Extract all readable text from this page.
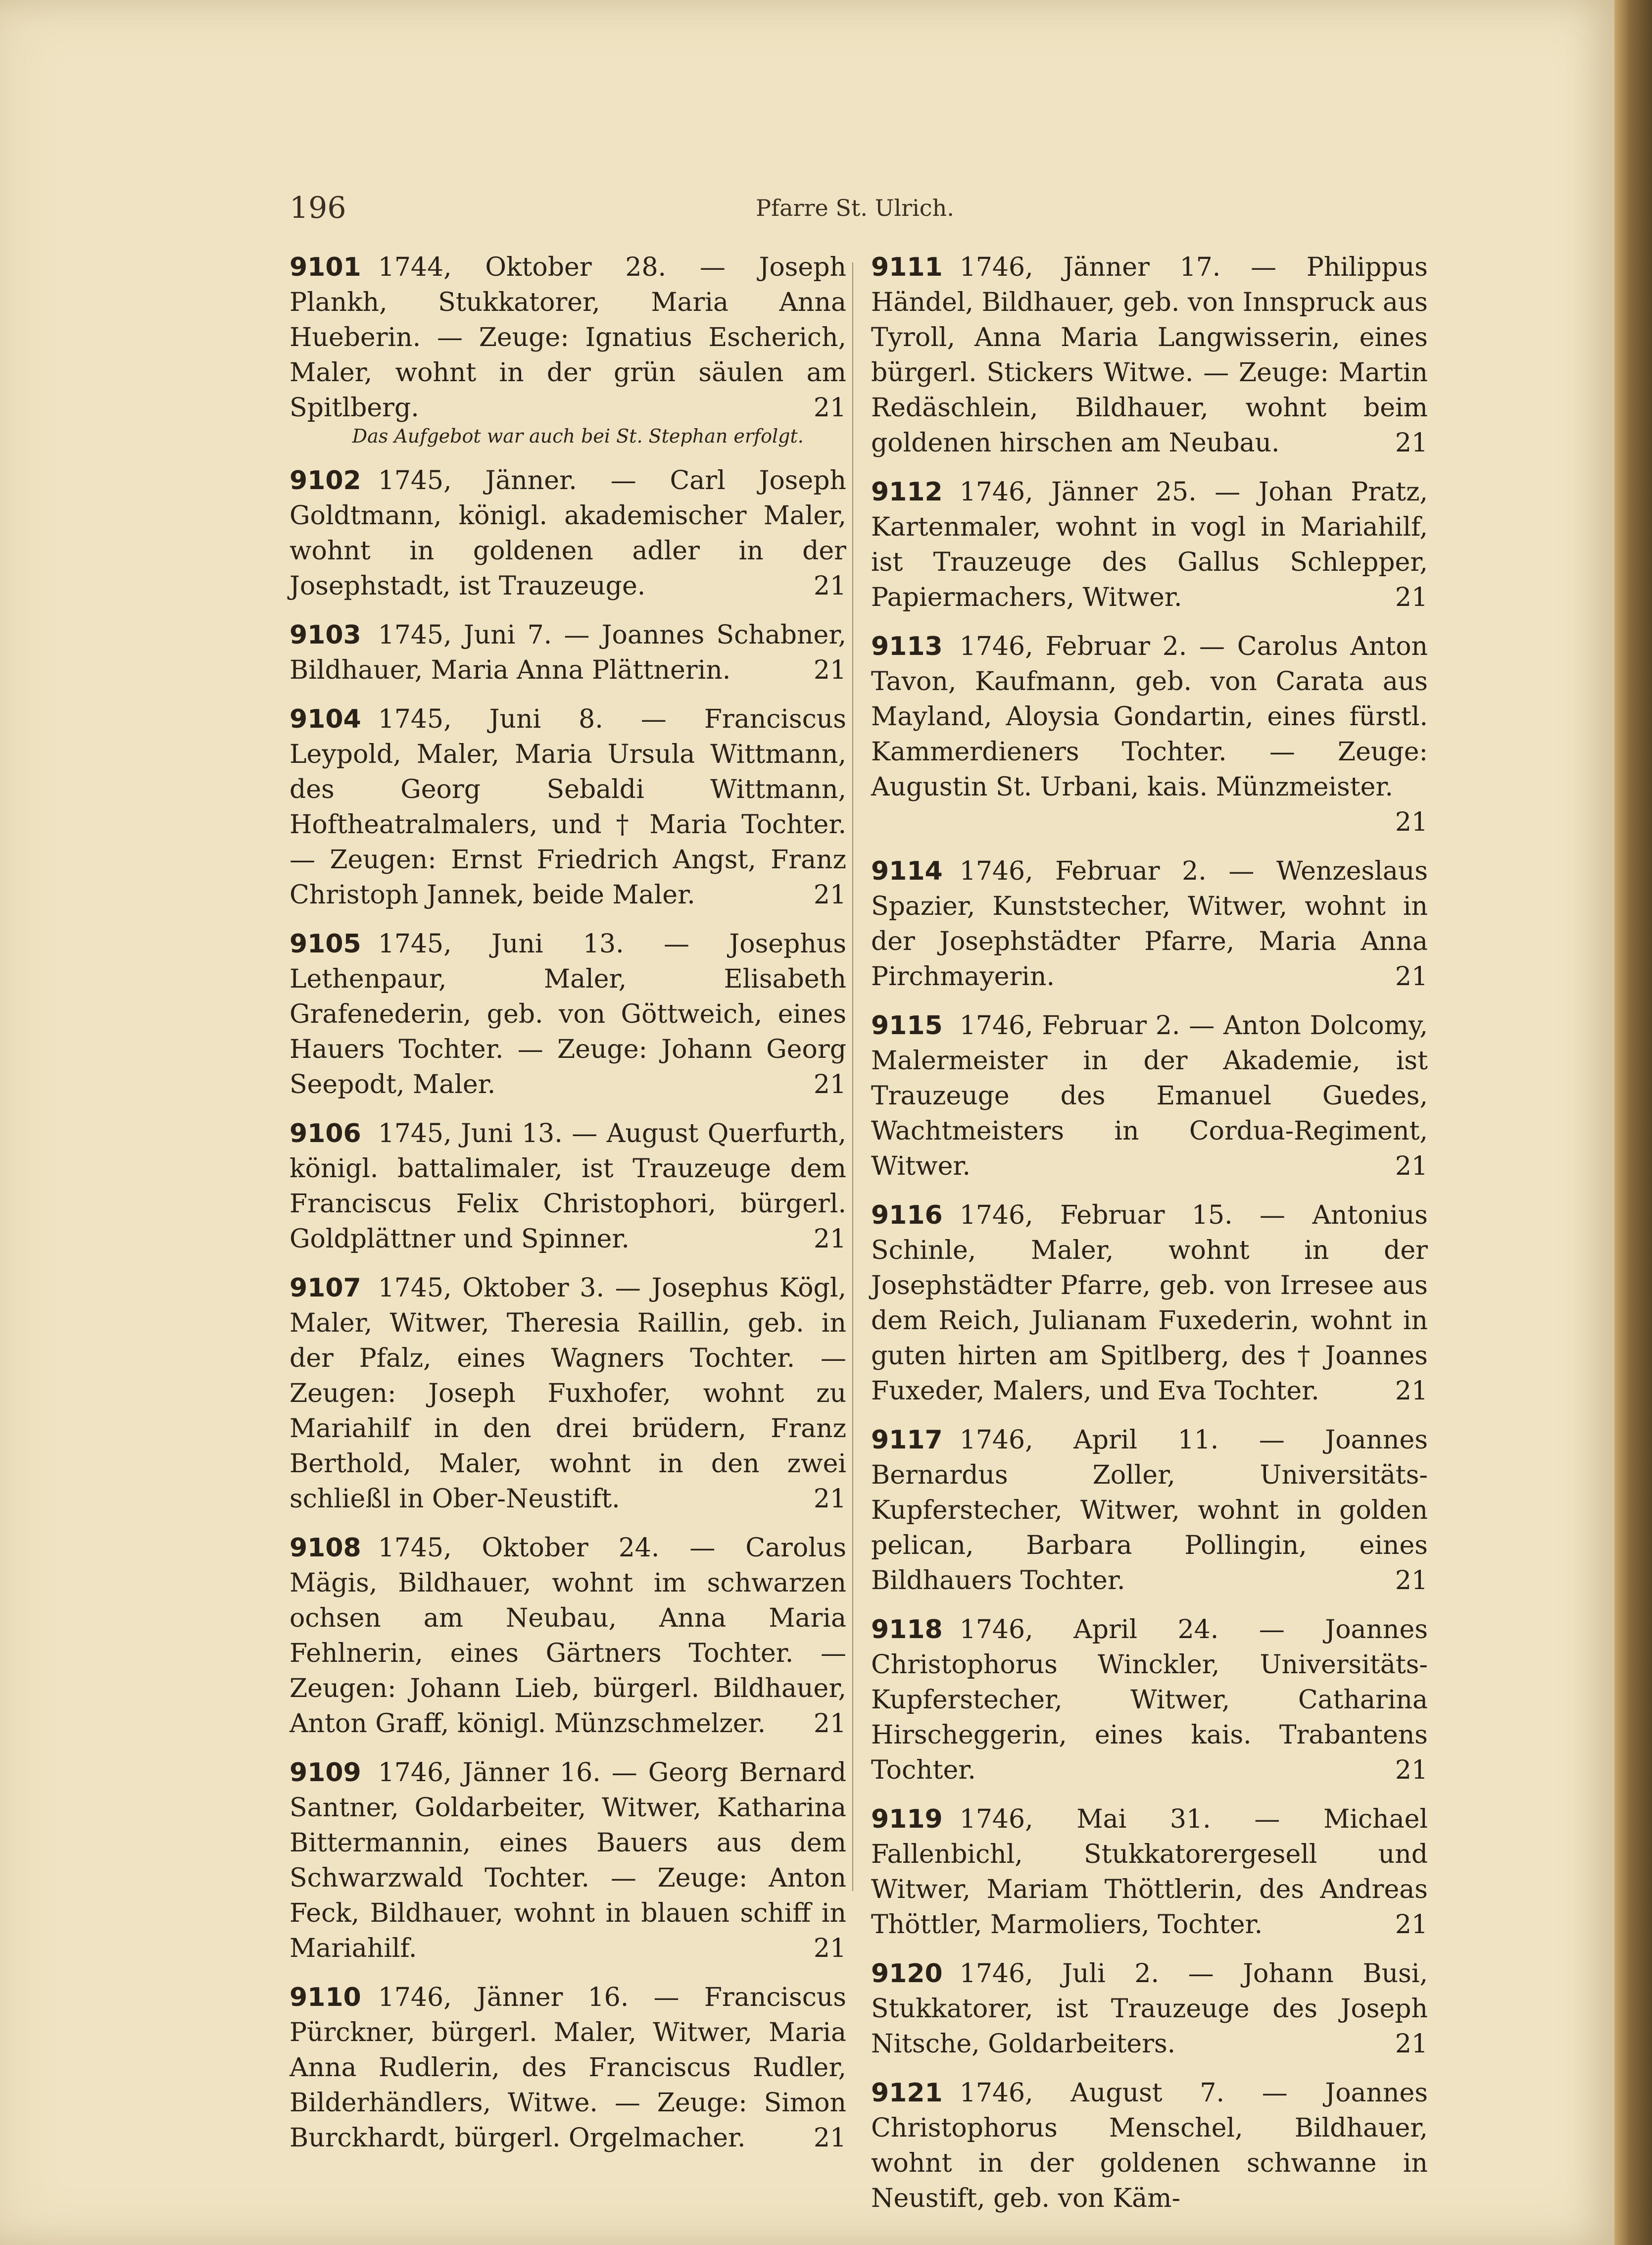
196	Pfarre St. Ulrich.
9101 1744, Oktober 28. — Joseph Plankh, Stukkatorer, Maria Anna Hueberin. — Zeuge: Ignatius Escherich, Maler, wohnt in der grün säulen am Spitlberg.	21
Das Aufgebot war auch bei St. Stephan erfolgt.
9102 1745, Jänner. — Carl Joseph Goldtmann, königl. akademischer Maler, wohnt in goldenen adler in der Josephstadt, ist Trauzeuge.	21
9103 1745, Juni 7. — Joannes Schabner, Bildhauer, Maria Anna Plättnerin.	21
9104 1745, Juni 8. — Franciscus Leypold, Maler, Maria Ursula Wittmann, des Georg Sebaldi Wittmann, Hoftheatralmalers, und † Maria Tochter. — Zeugen: Ernst Friedrich Angst, Franz Christoph Jannek, beide Maler.	21
9105 1745, Juni 13. — Josephus Lethenpaur, Maler, Elisabeth Grafenederin, geb. von Göttweich, eines Hauers Tochter. — Zeuge: Johann Georg Seepodt, Maler.	21
9106 1745, Juni 13. — August Querfurth, königl. battalimaler, ist Trauzeuge dem Franciscus Felix Christophori, bürgerl. Goldplättner und Spinner.	21
9107 1745, Oktober 3. — Josephus Kögl, Maler, Witwer, Theresia Raillin, geb. in der Pfalz, eines Wagners Tochter. — Zeugen: Joseph Fuxhofer, wohnt zu Mariahilf in den drei brüdern, Franz Berthold, Maler, wohnt in den zwei schließl in Ober-Neustift.	21
9108 1745, Oktober 24. — Carolus Mägis, Bildhauer, wohnt im schwarzen ochsen am Neubau, Anna Maria Fehlnerin, eines Gärtners Tochter. — Zeugen: Johann Lieb, bürgerl. Bildhauer, Anton Graff, königl. Münzschmelzer. 21
9109 1746, Jänner 16. — Georg Bernard Santner, Goldarbeiter, Witwer, Katharina Bittermannin, eines Bauers aus dem Schwarzwald Tochter. — Zeuge: Anton Feck, Bildhauer, wohnt in blauen schiff in Mariahilf.	21
9110 1746, Jänner 16. — Franciscus Pürckner, bürgerl. Maler, Witwer, Maria Anna Rudlerin, des Franciscus Rudler, Bilderhändlers, Witwe. — Zeuge: Simon Burckhardt, bürgerl. Orgelmacher.	21
9111 1746, Jänner 17. — Philippus Händel, Bildhauer, geb. von Innspruck aus Tyroll, Anna Maria Langwisserin, eines bürgerl. Stickers Witwe. — Zeuge: Martin Redäschlein, Bildhauer, wohnt beim goldenen hirschen am Neubau.	21
9112 1746, Jänner 25. — Johan Pratz, Kartenmaler, wohnt in vogl in Mariahilf, ist Trauzeuge des Gallus Schlepper, Papiermachers, Witwer.	21
9113 1746, Februar 2. — Carolus Anton Tavon, Kaufmann, geb. von Carata aus Mayland, Aloysia Gondartin, eines fürstl. Kammerdieners Tochter. — Zeuge: Augustin St. Urbani, kais. Münzmeister.
21
9114 1746, Februar 2. — Wenzeslaus Spazier, Kunststecher, Witwer, wohnt in der Josephstädter Pfarre, Maria Anna Pirchmayerin.	21
9115 1746, Februar 2. — Anton Dolcomy, Malermeister in der Akademie, ist Trauzeuge des Emanuel Guedes, Wachtmeisters in Cordua-Regiment, Witwer.	21
9116 1746, Februar 15. — Antonius Schinle, Maler, wohnt in der Josephstädter Pfarre, geb. von Irresee aus dem Reich, Julianam Fuxederin, wohnt in guten hirten am Spitlberg, des † Joannes Fuxeder, Malers, und Eva Tochter.	21
9117 1746, April 11. — Joannes Bernardus Zoller, Universitäts-Kupferstecher, Witwer, wohnt in golden pelican, Barbara Pollingin, eines Bildhauers Tochter.	21
9118 1746, April 24. — Joannes Christophorus Winckler, Universitäts-Kupferstecher, Witwer, Catharina Hirscheggerin, eines kais. Trabantens Tochter.	21
9119 1746, Mai 31. — Michael Fallenbichl, Stukkatorergesell und Witwer, Mariam Thöttlerin, des Andreas Thöttler, Marmoliers, Tochter.	21
9120 1746, Juli 2. — Johann Busi, Stukkatorer, ist Trauzeuge des Joseph Nitsche, Goldarbeiters.	21
9121 1746, August 7. — Joannes Christophorus Menschel, Bildhauer, wohnt in der goldenen schwanne in Neustift, geb. von Käm-
